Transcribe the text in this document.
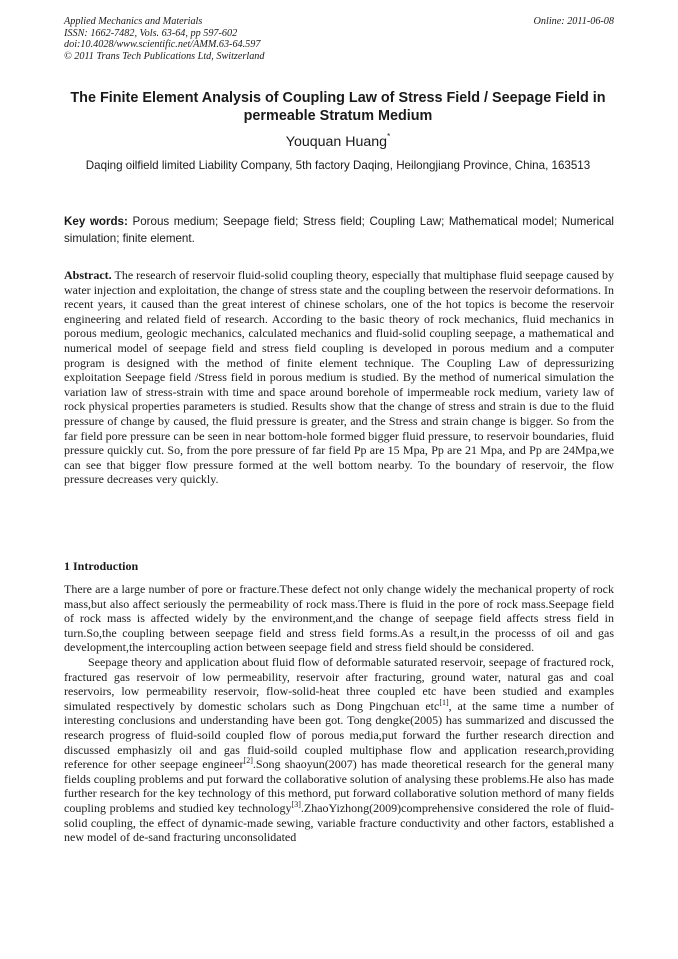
Applied Mechanics and Materials
ISSN: 1662-7482, Vols. 63-64, pp 597-602
doi:10.4028/www.scientific.net/AMM.63-64.597
© 2011 Trans Tech Publications Ltd, Switzerland
Online: 2011-06-08
The Finite Element Analysis of Coupling Law of Stress Field / Seepage Field in permeable Stratum Medium
Youquan Huang*
Daqing oilfield limited Liability Company, 5th factory Daqing, Heilongjiang Province, China, 163513
Key words: Porous medium; Seepage field; Stress field; Coupling Law; Mathematical model; Numerical simulation; finite element.
Abstract. The research of reservoir fluid-solid coupling theory, especially that multiphase fluid seepage caused by water injection and exploitation, the change of stress state and the coupling between the reservoir deformations. In recent years, it caused than the great interest of chinese scholars, one of the hot topics is become the reservoir engineering and related field of research. According to the basic theory of rock mechanics, fluid mechanics in porous medium, geologic mechanics, calculated mechanics and fluid-solid coupling seepage, a mathematical and numerical model of seepage field and stress field coupling is developed in porous medium and a computer program is designed with the method of finite element technique. The Coupling Law of depressurizing exploitation Seepage field /Stress field in porous medium is studied. By the method of numerical simulation the variation law of stress-strain with time and space around borehole of impermeable rock medium, variety law of rock physical properties parameters is studied. Results show that the change of stress and strain is due to the fluid pressure of change by caused, the fluid pressure is greater, and the Stress and strain change is bigger. So from the far field pore pressure can be seen in near bottom-hole formed bigger fluid pressure, to reservoir boundaries, fluid pressure quickly cut. So, from the pore pressure of far field Pp are 15 Mpa, Pp are 21 Mpa, and Pp are 24Mpa,we can see that bigger flow pressure formed at the well bottom nearby. To the boundary of reservoir, the flow pressure decreases very quickly.
1 Introduction

There are a large number of pore or fracture.These defect not only change widely the mechanical property of rock mass,but also affect seriously the permeability of rock mass.There is fluid in the pore of rock mass.Seepage field of rock mass is affected widely by the environment,and the change of seepage field affects stress field in turn.So,the coupling between seepage field and stress field forms.As a result,in the processs of oil and gas development,the intercoupling action between seepage field and stress field should be considered.

Seepage theory and application about fluid flow of deformable saturated reservoir, seepage of fractured rock, fractured gas reservoir of low permeability, reservoir after fracturing, ground water, natural gas and coal reservoirs, low permeability reservoir, flow-solid-heat three coupled etc have been studied and examples simulated respectively by domestic scholars such as Dong Pingchuan etc[1], at the same time a number of interesting conclusions and understanding have been got. Tong dengke(2005) has summarized and discussed the research progress of fluid-soild coupled flow of porous media,put forward the further research direction and discussed emphasizly oil and gas fluid-soild coupled multiphase flow and application research,providing reference for other seepage engineer[2].Song shaoyun(2007) has made theoretical research for the general many fields coupling problems and put forward the collaborative solution of analysing these problems.He also has made further research for the key technology of this methord, put forward collaborative solution methord of many fields coupling problems and studied key technology[3].ZhaoYizhong(2009)comprehensive considered the role of fluid-solid coupling, the effect of dynamic-made sewing, variable fracture conductivity and other factors, established a new model of de-sand fracturing unconsolidated
